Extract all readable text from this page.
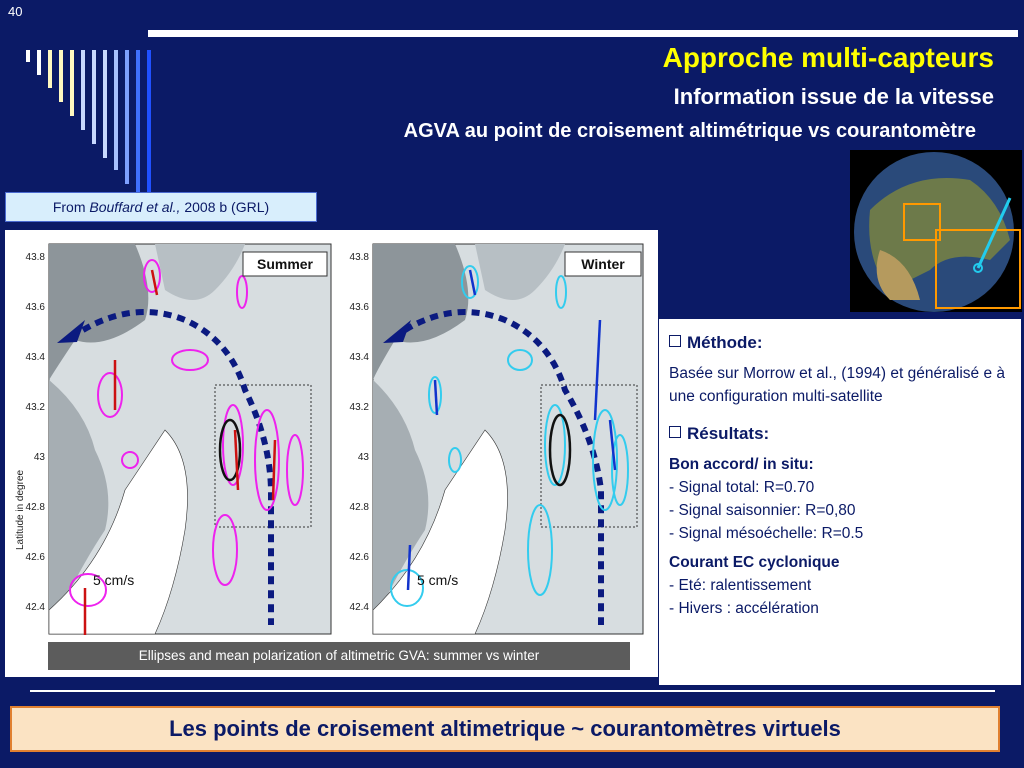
40
Approche multi-capteurs
Information issue de la vitesse
AGVA au point de croisement altimétrique vs courantomètre
From Bouffard et al., 2008 b (GRL)
Latitude in degree
Summer
5 cm/s
43.8
43.6
43.4
43.2
43
42.8
42.6
42.4
Winter
5 cm/s
43.8
43.6
43.4
43.2
43
42.8
42.6
42.4
Ellipses and mean polarization of altimetric GVA: summer vs winter
Méthode:
Basée sur Morrow et al., (1994) et généralisé e à une configuration multi-satellite
Résultats:
Bon accord/ in situ:
- Signal total: R=0.70
- Signal saisonnier: R=0,80
- Signal mésoéchelle: R=0.5
Courant EC cyclonique
- Eté: ralentissement
- Hivers : accélération
Les points de croisement altimetrique ~ courantomètres virtuels
